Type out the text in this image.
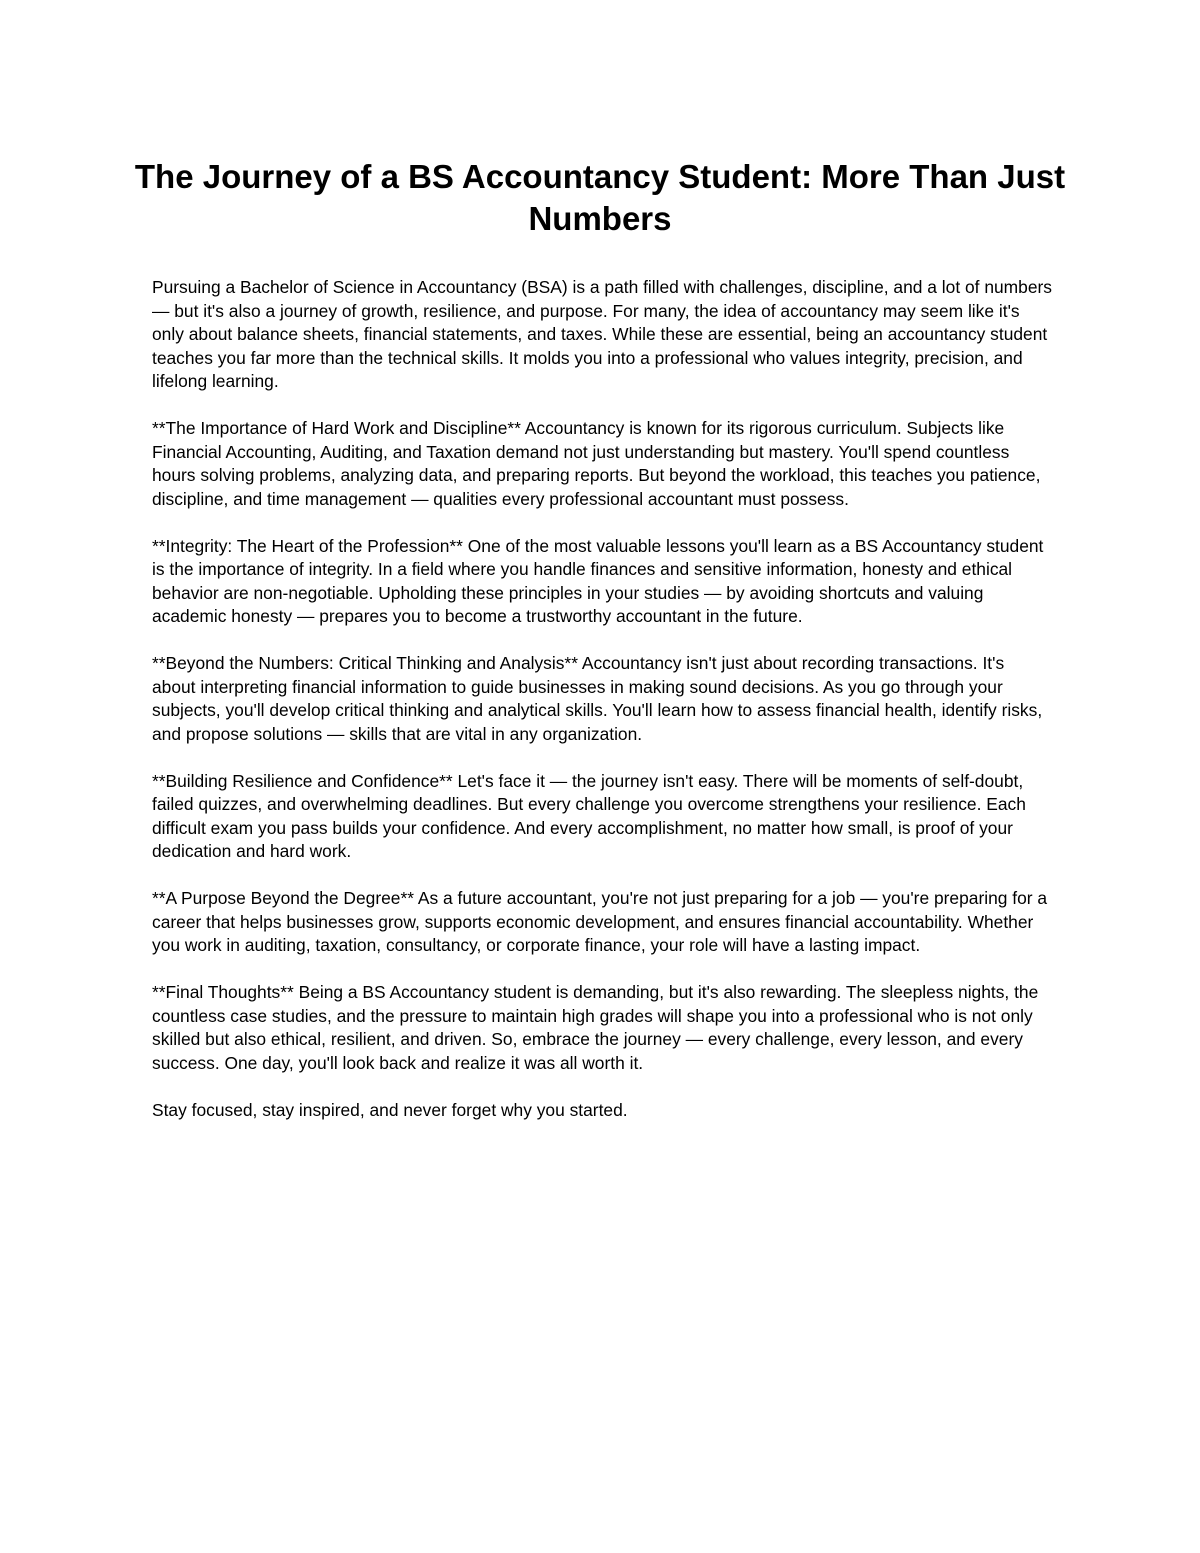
The Journey of a BS Accountancy Student: More Than Just Numbers

Pursuing a Bachelor of Science in Accountancy (BSA) is a path filled with challenges, discipline, and a lot of numbers — but it's also a journey of growth, resilience, and purpose. For many, the idea of accountancy may seem like it's only about balance sheets, financial statements, and taxes. While these are essential, being an accountancy student teaches you far more than the technical skills. It molds you into a professional who values integrity, precision, and lifelong learning.

**The Importance of Hard Work and Discipline** Accountancy is known for its rigorous curriculum. Subjects like Financial Accounting, Auditing, and Taxation demand not just understanding but mastery. You'll spend countless hours solving problems, analyzing data, and preparing reports. But beyond the workload, this teaches you patience, discipline, and time management — qualities every professional accountant must possess.

**Integrity: The Heart of the Profession** One of the most valuable lessons you'll learn as a BS Accountancy student is the importance of integrity. In a field where you handle finances and sensitive information, honesty and ethical behavior are non-negotiable. Upholding these principles in your studies — by avoiding shortcuts and valuing academic honesty — prepares you to become a trustworthy accountant in the future.

**Beyond the Numbers: Critical Thinking and Analysis** Accountancy isn't just about recording transactions. It's about interpreting financial information to guide businesses in making sound decisions. As you go through your subjects, you'll develop critical thinking and analytical skills. You'll learn how to assess financial health, identify risks, and propose solutions — skills that are vital in any organization.

**Building Resilience and Confidence** Let's face it — the journey isn't easy. There will be moments of self-doubt, failed quizzes, and overwhelming deadlines. But every challenge you overcome strengthens your resilience. Each difficult exam you pass builds your confidence. And every accomplishment, no matter how small, is proof of your dedication and hard work.

**A Purpose Beyond the Degree** As a future accountant, you're not just preparing for a job — you're preparing for a career that helps businesses grow, supports economic development, and ensures financial accountability. Whether you work in auditing, taxation, consultancy, or corporate finance, your role will have a lasting impact.

**Final Thoughts** Being a BS Accountancy student is demanding, but it's also rewarding. The sleepless nights, the countless case studies, and the pressure to maintain high grades will shape you into a professional who is not only skilled but also ethical, resilient, and driven. So, embrace the journey — every challenge, every lesson, and every success. One day, you'll look back and realize it was all worth it.

Stay focused, stay inspired, and never forget why you started.
